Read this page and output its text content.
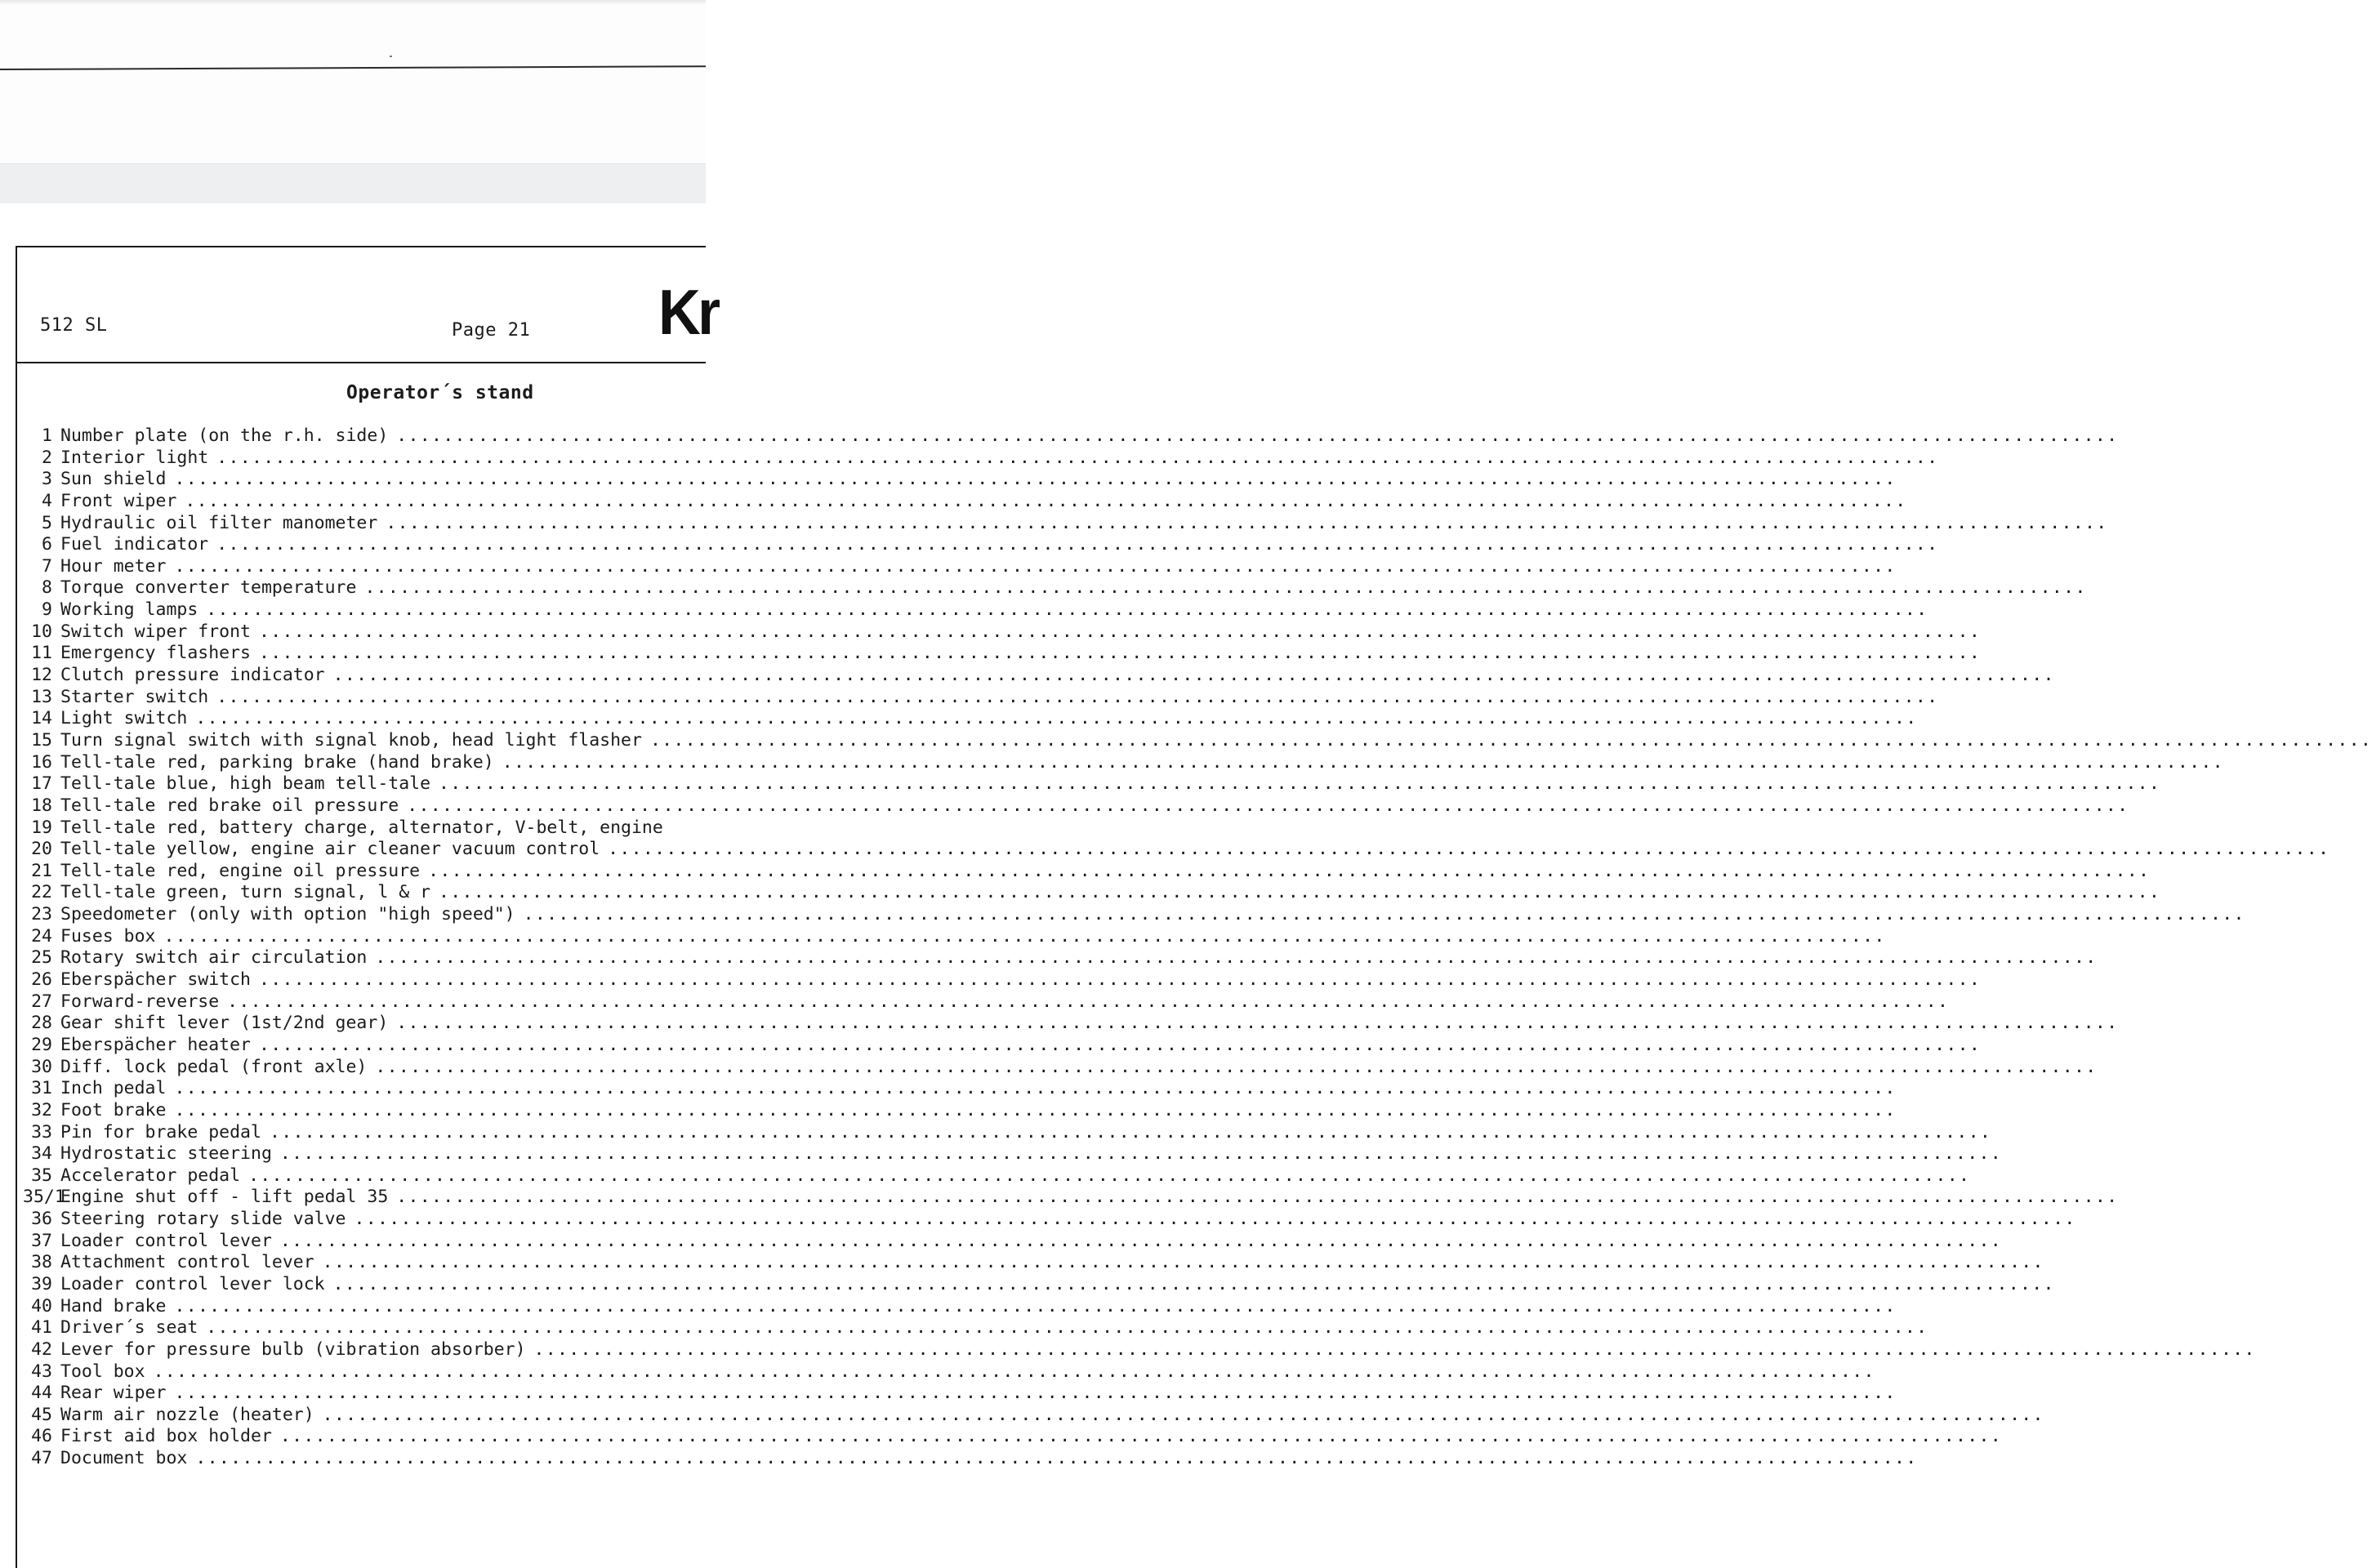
512 SL	Page 21 Kr
Operator´s stand
1 Number plate (on the r.h. side)
.....
2 Interior light
.....
3 Sun shield
.....
4 Front wiper
.....
5 Hydraulic oil filter manometer
.....
6 Fuel indicator
.....
7 Hour meter
.....
8 Torque converter temperature
.....
9 Working lamps
.....
10 Switch wiper front
.....
11 Emergency flashers
.....
12 Clutch pressure indicator
.....
13 Starter switch
.....
14 Light switch
.....
15 Turn signal switch with signal knob, head light flasher
.....
16 Tell-tale red, parking brake (hand brake)
.....
17 Tell-tale blue, high beam tell-tale
.....
18 Tell-tale red brake oil pressure
.....
19 Tell-tale red, battery charge, alternator, V-belt, engine
20 Tell-tale yellow, engine air cleaner vacuum control
.....
21 Tell-tale red, engine oil pressure
.....
22 Tell-tale green, turn signal, l & r
.....
23 Speedometer (only with option "high speed")
.....
24 Fuses box
.....
25 Rotary switch air circulation
.....
26 Eberspächer switch
.....
27 Forward-reverse
.....
28 Gear shift lever (1st/2nd gear)
.....
29 Eberspächer heater
.....
30 Diff. lock pedal (front axle)
.....
31 Inch pedal
.....
32 Foot brake
.....
33 Pin for brake pedal
.....
34 Hydrostatic steering
.....
35 Accelerator pedal
.....
35/1
Engine shut off - lift pedal 35
.....
36 Steering rotary slide valve
.....
37 Loader control lever
.....
38 Attachment control lever
.....
39 Loader control lever lock
.....
40 Hand brake
.....
41 Driver´s seat
.....
42 Lever for pressure bulb (vibration absorber)
.....
43 Tool box
.....
44 Rear wiper
.....
45 Warm air nozzle (heater)
.....
46 First aid box holder
.....
47 Document box
.....
